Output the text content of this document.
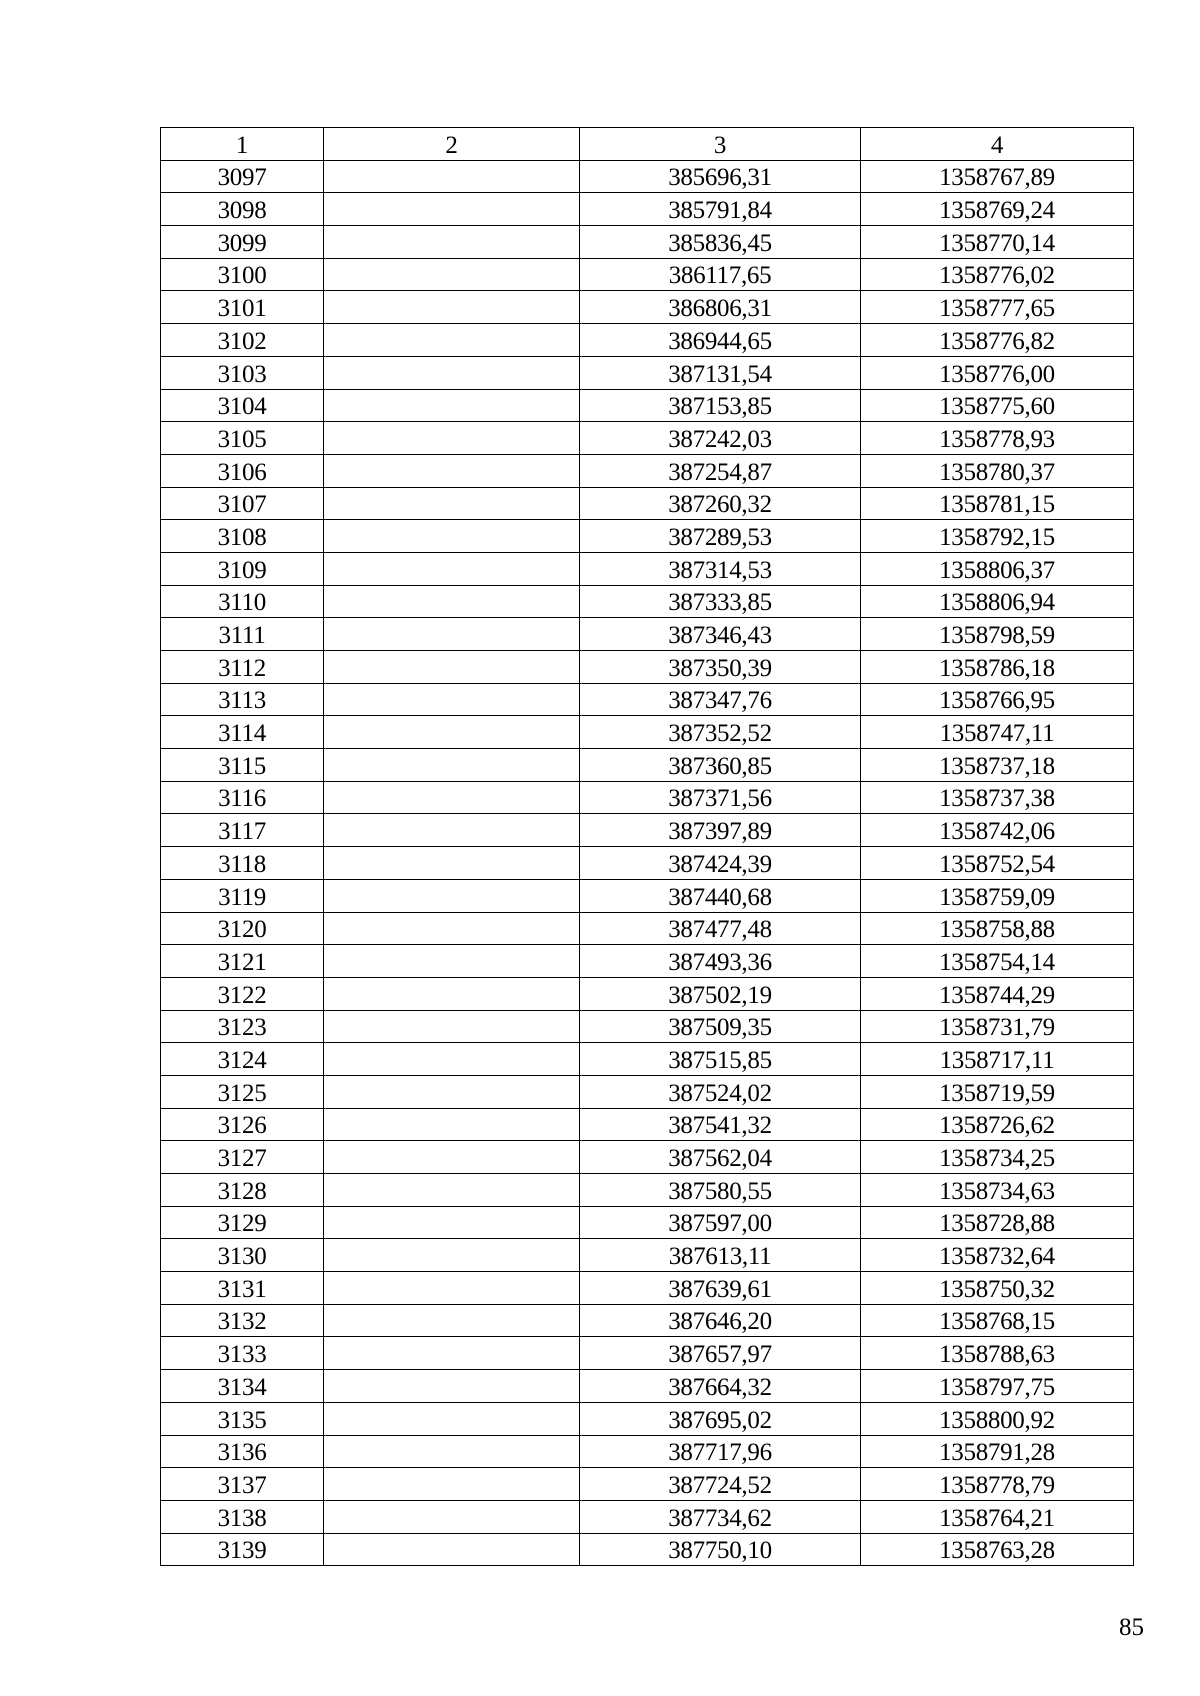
1	2	3	4
3097		385696,31	1358767,89
3098		385791,84	1358769,24
3099		385836,45	1358770,14
3100		386117,65	1358776,02
3101		386806,31	1358777,65
3102		386944,65	1358776,82
3103		387131,54	1358776,00
3104		387153,85	1358775,60
3105		387242,03	1358778,93
3106		387254,87	1358780,37
3107		387260,32	1358781,15
3108		387289,53	1358792,15
3109		387314,53	1358806,37
3110		387333,85	1358806,94
3111		387346,43	1358798,59
3112		387350,39	1358786,18
3113		387347,76	1358766,95
3114		387352,52	1358747,11
3115		387360,85	1358737,18
3116		387371,56	1358737,38
3117		387397,89	1358742,06
3118		387424,39	1358752,54
3119		387440,68	1358759,09
3120		387477,48	1358758,88
3121		387493,36	1358754,14
3122		387502,19	1358744,29
3123		387509,35	1358731,79
3124		387515,85	1358717,11
3125		387524,02	1358719,59
3126		387541,32	1358726,62
3127		387562,04	1358734,25
3128		387580,55	1358734,63
3129		387597,00	1358728,88
3130		387613,11	1358732,64
3131		387639,61	1358750,32
3132		387646,20	1358768,15
3133		387657,97	1358788,63
3134		387664,32	1358797,75
3135		387695,02	1358800,92
3136		387717,96	1358791,28
3137		387724,52	1358778,79
3138		387734,62	1358764,21
3139		387750,10	1358763,28
85
